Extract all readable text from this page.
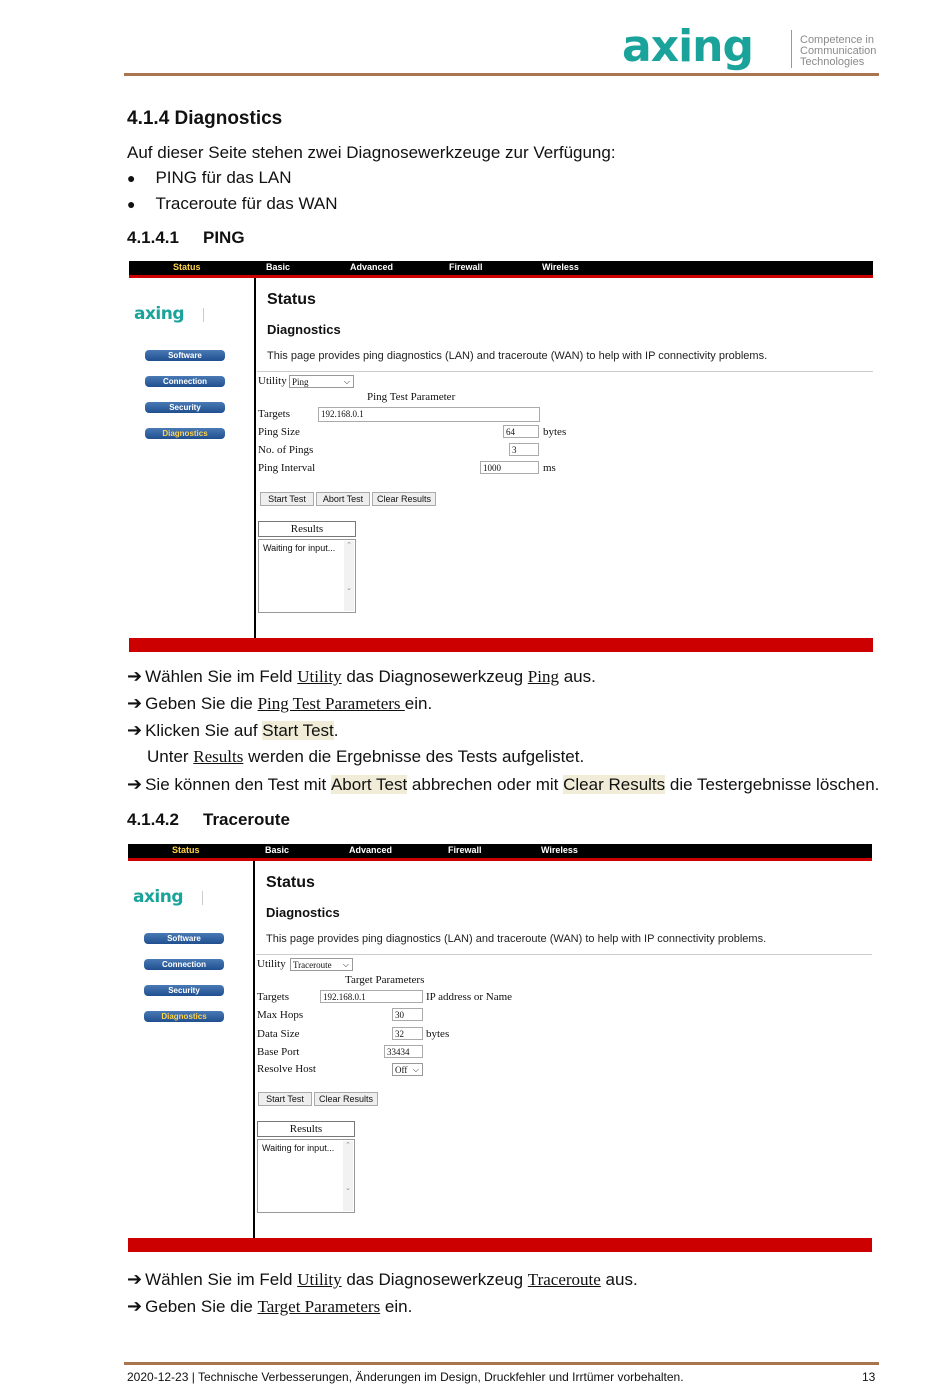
axing	Competence in
Communication
Technologies
4.1.4 Diagnostics
Auf dieser Seite stehen zwei Diagnosewerkzeuge zur Verfügung:
● PING für das LAN
● Traceroute für das WAN
4.1.4.1 PING
Status	Basic	Advanced	Firewall	Wireless
axing
Software
Connection
Security
Diagnostics
Status
Diagnostics
This page provides ping diagnostics (LAN) and traceroute (WAN) to help with IP connectivity problems.
Utility Ping	⌵
Ping Test Parameter
Targets	192.168.0.1
Ping Size	64	bytes
No. of Pings	3
Ping Interval	1000	ms
Start Test	Abort Test	Clear Results
Results
Waiting for input... ⌃

⌄
➔ Wählen Sie im Feld Utility das Diagnosewerkzeug Ping aus.
➔ Geben Sie die Ping Test Parameters ein.
➔ Klicken Sie auf Start Test.
Unter Results werden die Ergebnisse des Tests aufgelistet.
➔ Sie können den Test mit Abort Test abbrechen oder mit Clear Results die Testergebnisse löschen.
4.1.4.2 Traceroute
Status	Basic	Advanced	Firewall	Wireless
axing
Software
Connection
Security
Diagnostics
Status
Diagnostics
This page provides ping diagnostics (LAN) and traceroute (WAN) to help with IP connectivity problems.
Utility Traceroute ⌵
Target Parameters
Targets	192.168.0.1	IP address or Name
Max Hops	30
Data Size	32	bytes
Base Port	33434
Resolve Host	Off ⌵
Start Test	Clear Results
Results
Waiting for input... ⌃

⌄
➔ Wählen Sie im Feld Utility das Diagnosewerkzeug Traceroute aus.
➔ Geben Sie die Target Parameters ein.
2020-12-23 | Technische Verbesserungen, Änderungen im Design, Druckfehler und Irrtümer vorbehalten.	13
